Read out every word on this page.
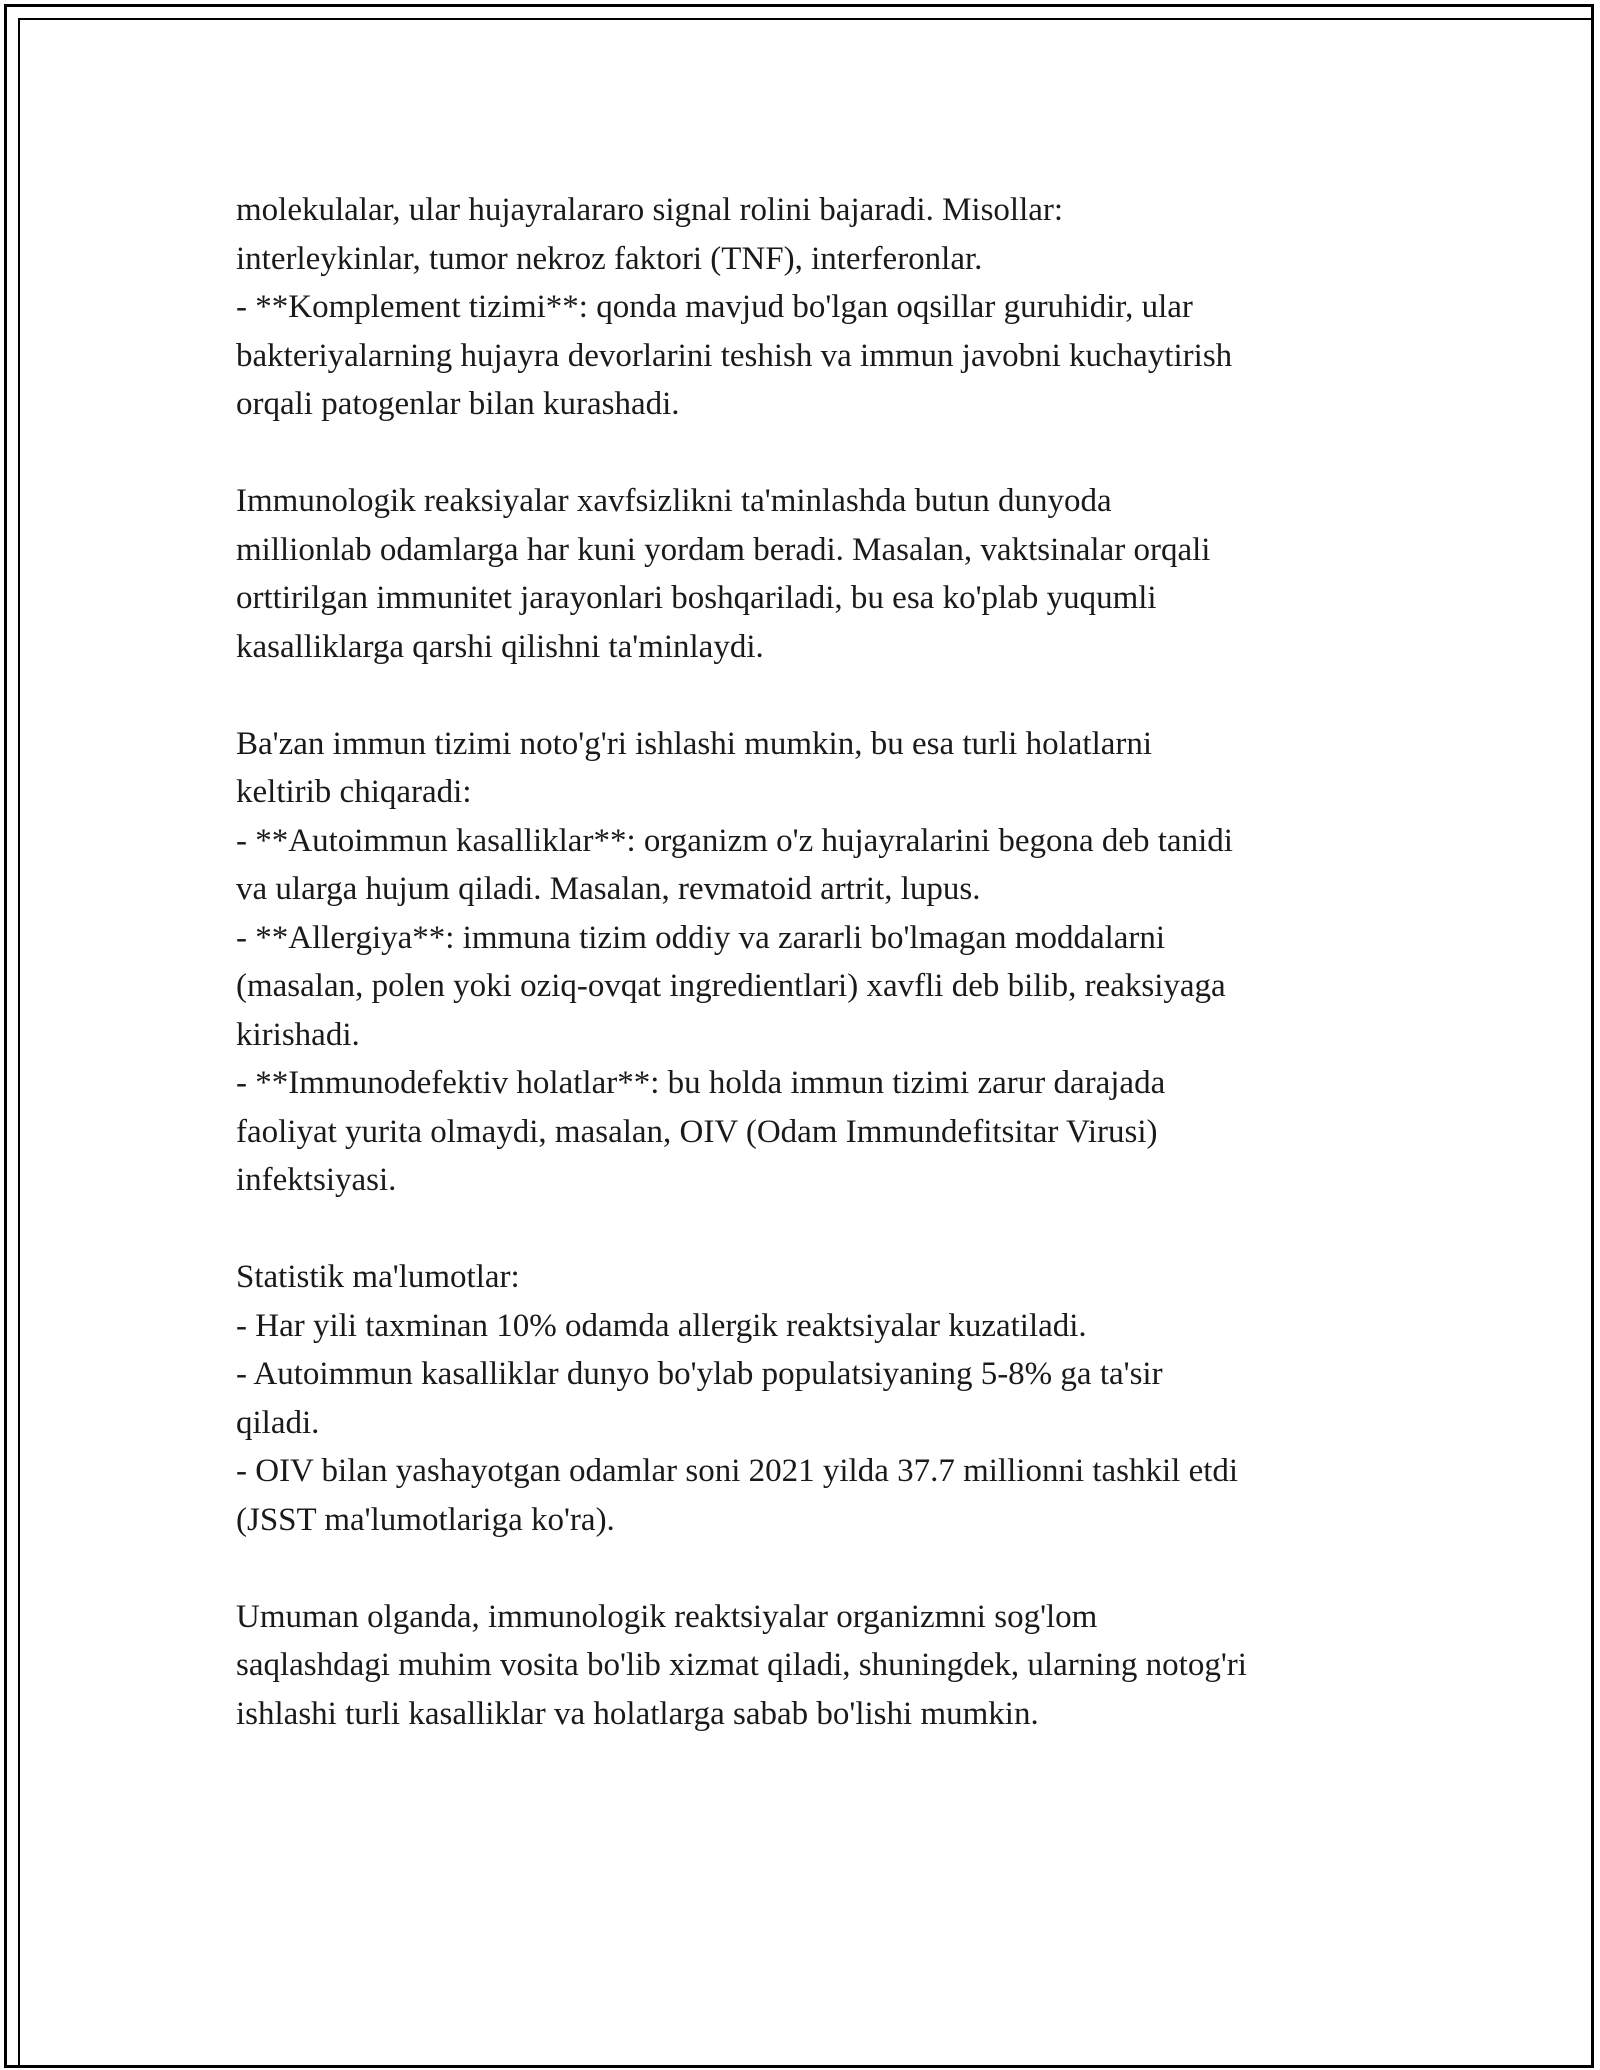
molekulalar, ular hujayralararo signal rolini bajaradi. Misollar:
interleykinlar, tumor nekroz faktori (TNF), interferonlar.
- **Komplement tizimi**: qonda mavjud bo'lgan oqsillar guruhidir, ular
bakteriyalarning hujayra devorlarini teshish va immun javobni kuchaytirish
orqali patogenlar bilan kurashadi.
Immunologik reaksiyalar xavfsizlikni ta'minlashda butun dunyoda
millionlab odamlarga har kuni yordam beradi. Masalan, vaktsinalar orqali
orttirilgan immunitet jarayonlari boshqariladi, bu esa ko'plab yuqumli
kasalliklarga qarshi qilishni ta'minlaydi.
Ba'zan immun tizimi noto'g'ri ishlashi mumkin, bu esa turli holatlarni
keltirib chiqaradi:
- **Autoimmun kasalliklar**: organizm o'z hujayralarini begona deb tanidi
va ularga hujum qiladi. Masalan, revmatoid artrit, lupus.
- **Allergiya**: immuna tizim oddiy va zararli bo'lmagan moddalarni
(masalan, polen yoki oziq-ovqat ingredientlari) xavfli deb bilib, reaksiyaga
kirishadi.
- **Immunodefektiv holatlar**: bu holda immun tizimi zarur darajada
faoliyat yurita olmaydi, masalan, OIV (Odam Immundefitsitar Virusi)
infektsiyasi.
Statistik ma'lumotlar:
- Har yili taxminan 10% odamda allergik reaktsiyalar kuzatiladi.
- Autoimmun kasalliklar dunyo bo'ylab populatsiyaning 5-8% ga ta'sir
qiladi.
- OIV bilan yashayotgan odamlar soni 2021 yilda 37.7 millionni tashkil etdi
(JSST ma'lumotlariga ko'ra).
Umuman olganda, immunologik reaktsiyalar organizmni sog'lom
saqlashdagi muhim vosita bo'lib xizmat qiladi, shuningdek, ularning notog'ri
ishlashi turli kasalliklar va holatlarga sabab bo'lishi mumkin.
